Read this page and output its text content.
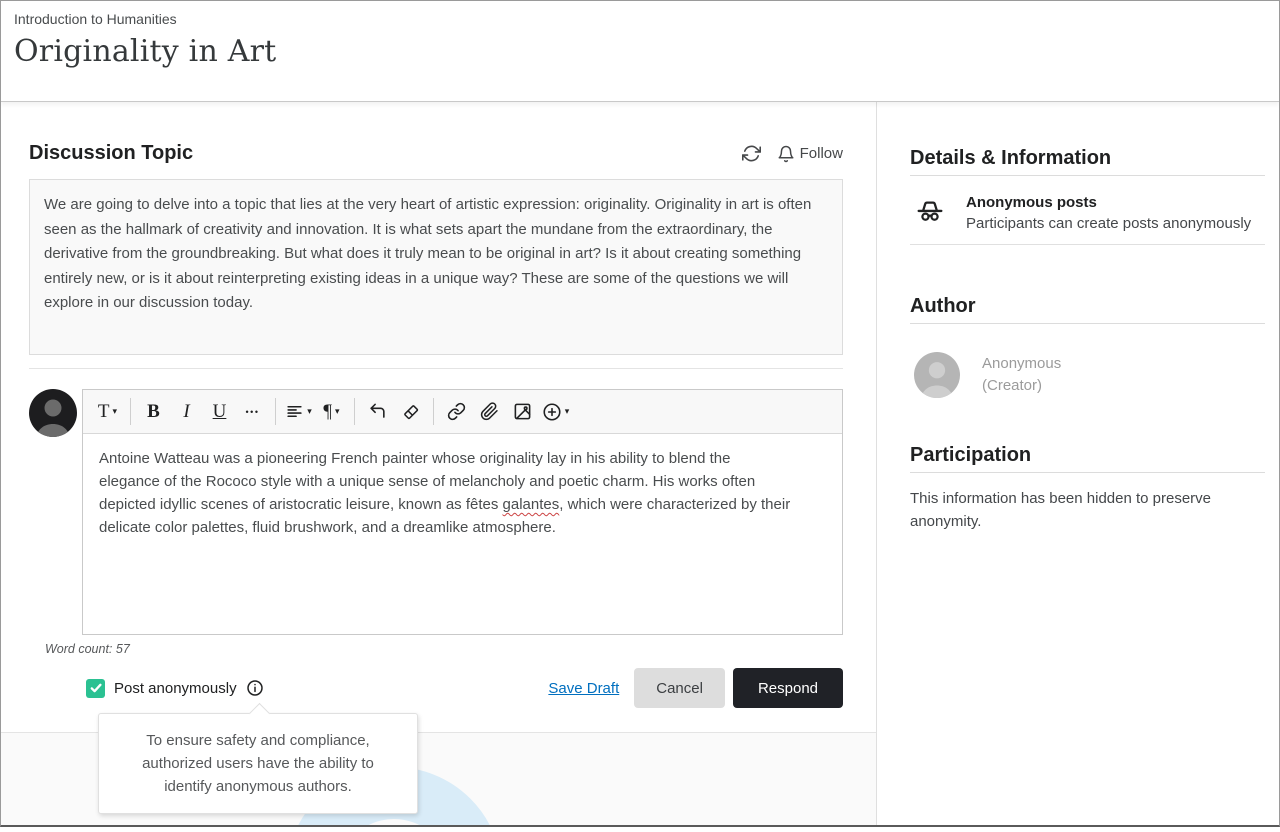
Introduction to Humanities
Originality in Art
Discussion Topic	Follow
We are going to delve into a topic that lies at the very heart of artistic expression: originality. Originality in art is often seen as the hallmark of creativity and innovation. It is what sets apart the mundane from the extraordinary, the derivative from the groundbreaking. But what does it truly mean to be original in art? Is it about creating something entirely new, or is it about reinterpreting existing ideas in a unique way? These are some of the questions we will explore in our discussion today.
T ▾ B I U •••	▾ ¶ ▾	▾
Antoine Watteau was a pioneering French painter whose originality lay in his ability to blend the elegance of the Rococo style with a unique sense of melancholy and poetic charm. His works often depicted idyllic scenes of aristocratic leisure, known as fêtes galantes, which were characterized by their delicate color palettes, fluid brushwork, and a dreamlike atmosphere.
Word count: 57
Post anonymously	Save Draft	Cancel	Respond
To ensure safety and compliance, authorized users have the ability to identify anonymous authors.
Details & Information
Anonymous posts
Participants can create posts anonymously
Author
Anonymous
(Creator)
Participation

This information has been hidden to preserve anonymity.
